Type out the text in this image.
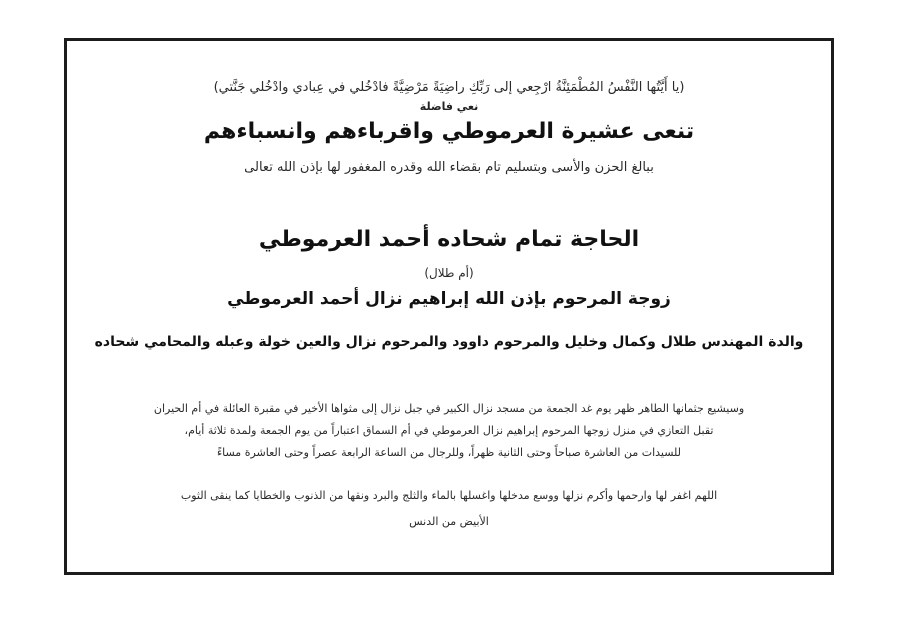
(يا أَيَّتُها النَّفْسُ المُطْمَئِنَّةُ ارْجِعي إلى رَبِّكِ راضِيَةً مَرْضِيَّةً فادْخُلي في عِبادي وادْخُلي جَنَّتي)
نعي فاضلة
تنعى عشيرة العرموطي واقرباءهم وانسباءهم
ببالغ الحزن والأسى وبتسليم تام بقضاء الله وقدره المغفور لها بإذن الله تعالى
الحاجة تمام شحاده أحمد العرموطي
(أم طلال)
زوجة المرحوم بإذن الله إبراهيم نزال أحمد العرموطي
والدة المهندس طلال وكمال وخليل والمرحوم داوود والمرحوم نزال والعين خولة وعبله والمحامي شحاده
وسيشيع جثمانها الطاهر ظهر يوم غد الجمعة من مسجد نزال الكبير في جبل نزال إلى مثواها الأخير في مقبرة العائلة في أم الحيران
تقبل التعازي في منزل زوجها المرحوم إبراهيم نزال العرموطي في أم السماق اعتباراً من يوم الجمعة ولمدة ثلاثة أيام،
للسيدات من العاشرة صباحاً وحتى الثانية ظهراً، وللرجال من الساعة الرابعة عصراً وحتى العاشرة مساءً
اللهم اغفر لها وارحمها وأكرم نزلها ووسع مدخلها واغسلها بالماء والثلج والبرد ونقها من الذنوب والخطايا كما ينقى الثوب
الأبيض من الدنس
